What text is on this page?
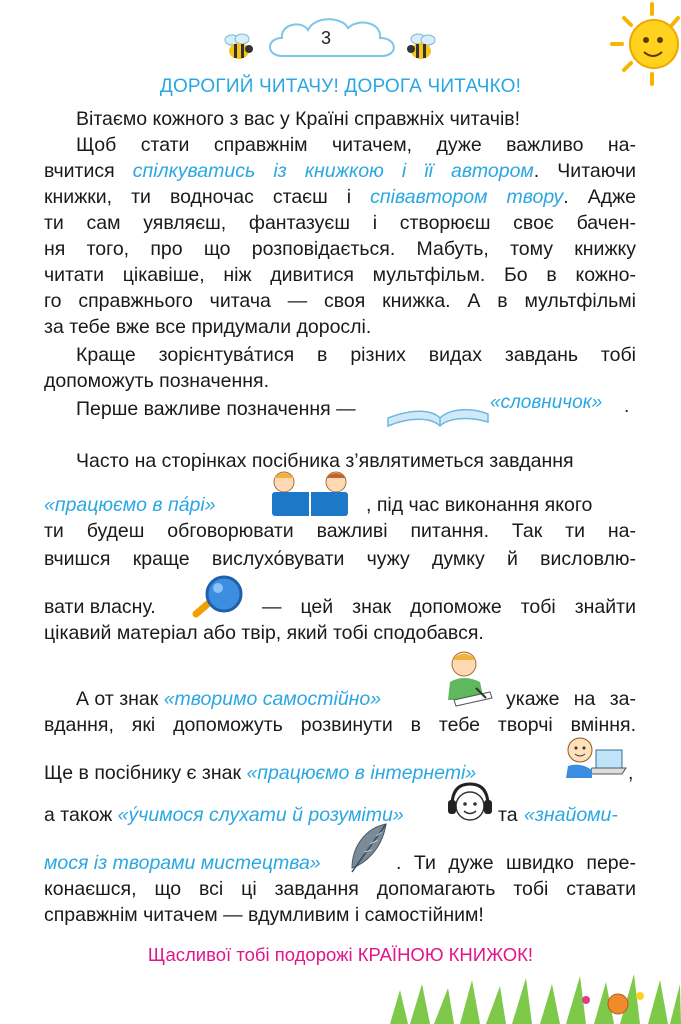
3
ДОРОГИЙ ЧИТАЧУ! ДОРОГА ЧИТАЧКО!
Вітаємо кожного з вас у Країні справжніх читачів!
Щоб стати справжнім читачем, дуже важливо на-
вчитися спілкуватись із книжкою і її автором. Читаючи
книжки, ти водночас стаєш і співавтором твору. Адже
ти сам уявляєш, фантазуєш і створюєш своє бачен-
ня того, про що розповідається. Мабуть, тому книжку
читати цікавіше, ніж дивитися мультфільм. Бо в кожно-
го справжнього читача — своя книжка. А в мультфільмі
за тебе вже все придумали дорослі.
Краще зорієнтува́тися в різних видах завдань тобі
допоможуть позначення.
Перше важливе позначення —	«словничок» .
Часто на сторінках посібника з’являтиметься завдання
«працюємо в па́рі»	, під час виконання якого
ти будеш обговорювати важливі питання. Так ти на-
вчишся краще вислухо́вувати чужу думку й висловлю-
вати власну.	— цей знак допоможе тобі знайти
цікавий матеріал або твір, який тобі сподобався.
А от знак «творимо самостійно»	укаже на за-
вдання, які допоможуть розвинути в тебе творчі вміння.
Ще в посібнику є знак «працюємо в інтернеті»	,
а також «у́чимося слухати й розуміти»	та «знайоми-
мося із творами мистецтва»	. Ти дуже швидко пере-
конаєшся, що всі ці завдання допомагають тобі ставати
справжнім читачем — вдумливим і самостійним!
Щасливої тобі подорожі КРАЇНОЮ КНИЖОК!
